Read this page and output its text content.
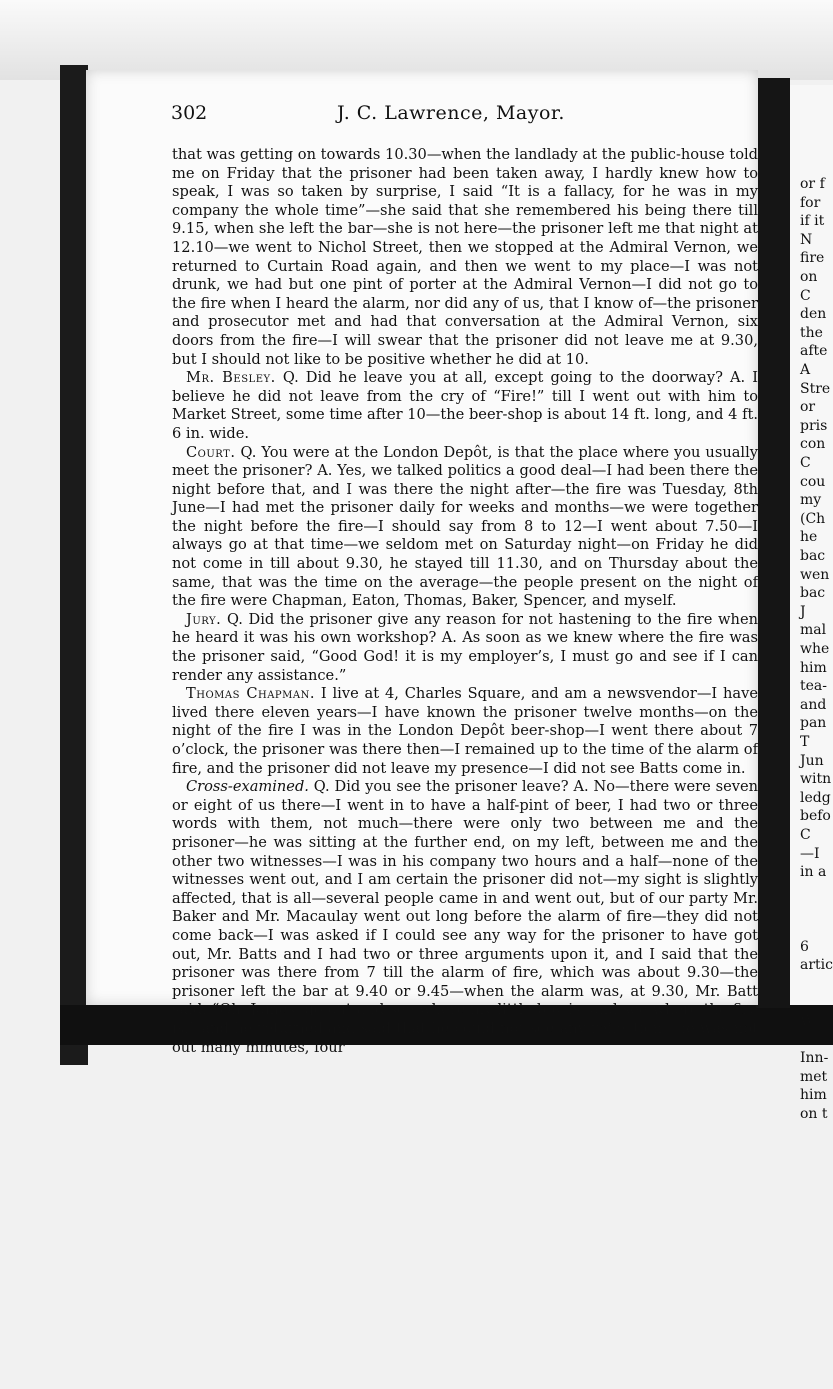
302	J. C. Lawrence, Mayor.

that was getting on towards 10.30—when the landlady at the public-house told me on Friday that the prisoner had been taken away, I hardly knew how to speak, I was so taken by surprise, I said “It is a fallacy, for he was in my company the whole time”—she said that she remembered his being there till 9.15, when she left the bar—she is not here—the prisoner left me that night at 12.10—we went to Nichol Street, then we stopped at the Admiral Vernon, we returned to Curtain Road again, and then we went to my place—I was not drunk, we had but one pint of porter at the Admiral Vernon—I did not go to the fire when I heard the alarm, nor did any of us, that I know of—the prisoner and prosecutor met and had that conversation at the Admiral Vernon, six doors from the fire—I will swear that the prisoner did not leave me at 9.30, but I should not like to be positive whether he did at 10.

Mr. Besley. Q. Did he leave you at all, except going to the doorway? A. I believe he did not leave from the cry of “Fire!” till I went out with him to Market Street, some time after 10—the beer-shop is about 14 ft. long, and 4 ft. 6 in. wide.

Court. Q. You were at the London Depôt, is that the place where you usually meet the prisoner? A. Yes, we talked politics a good deal—I had been there the night before that, and I was there the night after—the fire was Tuesday, 8th June—I had met the prisoner daily for weeks and months—we were together the night before the fire—I should say from 8 to 12—I went about 7.50—I always go at that time—we seldom met on Saturday night—on Friday he did not come in till about 9.30, he stayed till 11.30, and on Thursday about the same, that was the time on the average—the people present on the night of the fire were Chapman, Eaton, Thomas, Baker, Spencer, and myself.

Jury. Q. Did the prisoner give any reason for not hastening to the fire when he heard it was his own workshop? A. As soon as we knew where the fire was the prisoner said, “Good God! it is my employer’s, I must go and see if I can render any assistance.”

Thomas Chapman. I live at 4, Charles Square, and am a newsvendor—I have lived there eleven years—I have known the prisoner twelve months—on the night of the fire I was in the London Depôt beer-shop—I went there about 7 o’clock, the prisoner was there then—I remained up to the time of the alarm of fire, and the prisoner did not leave my presence—I did not see Batts come in.

Cross-examined. Q. Did you see the prisoner leave? A. No—there were seven or eight of us there—I went in to have a half-pint of beer, I had two or three words with them, not much—there were only two between me and the prisoner—he was sitting at the further end, on my left, between me and the other two witnesses—I was in his company two hours and a half—none of the witnesses went out, and I am certain the prisoner did not—my sight is slightly affected, that is all—several people came in and went out, but of our party Mr. Baker and Mr. Macaulay went out long before the alarm of fire—they did not come back—I was asked if I could see any way for the prisoner to have got out, Mr. Batts and I had two or three arguments upon it, and I said that the prisoner was there from 7 till the alarm of fire, which was about 9.30—the prisoner left the bar at 9.40 or 9.45—when the alarm was, at 9.30, Mr. Batt said, “Oh, James, go out and see where my little boy is, and see where the fire is,” and he returned and said that he could not see any reflection—he was not out many minutes, four

or f
for
if it
N
fire
on
C
den
the
afte
A
Stre
or
pris
con
C
cou
my
(Ch
he
bac
wen
bac
J
mal
whe
him
tea-
and
pan
T
Jun
witn
ledg
befo
C
—I
in a
6
artic
W
—I
Inn-
met
him
on t
